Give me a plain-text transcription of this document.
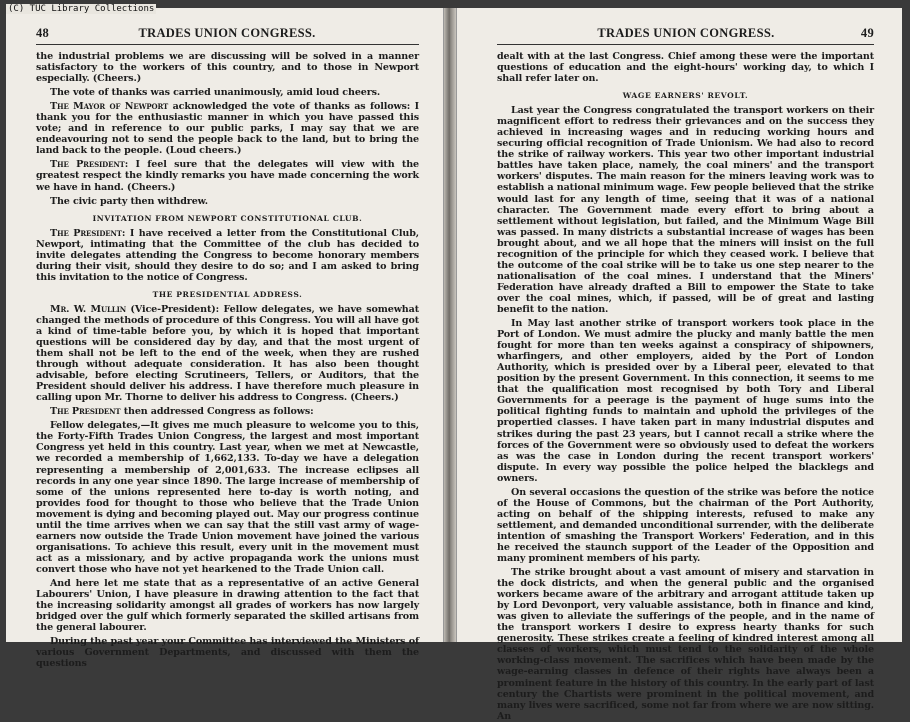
(C) TUC Library Collections
48	TRADES UNION CONGRESS.

the industrial problems we are discussing will be solved in a manner satisfactory to the workers of this country, and to those in Newport especially. (Cheers.)

The vote of thanks was carried unanimously, amid loud cheers.

The Mayor of Newport acknowledged the vote of thanks as follows: I thank you for the enthusiastic manner in which you have passed this vote; and in reference to our public parks, I may say that we are endeavouring not to send the people back to the land, but to bring the land back to the people. (Loud cheers.)

The President: I feel sure that the delegates will view with the greatest respect the kindly remarks you have made concerning the work we have in hand. (Cheers.)

The civic party then withdrew.

INVITATION FROM NEWPORT CONSTITUTIONAL CLUB.

The President: I have received a letter from the Constitutional Club, Newport, intimating that the Committee of the club has decided to invite delegates attending the Congress to become honorary members during their visit, should they desire to do so; and I am asked to bring this invitation to the notice of Congress.

THE PRESIDENTIAL ADDRESS.

Mr. W. Mullin (Vice-President): Fellow delegates, we have somewhat changed the methods of procedure of this Congress. You will all have got a kind of time-table before you, by which it is hoped that important questions will be considered day by day, and that the most urgent of them shall not be left to the end of the week, when they are rushed through without adequate consideration. It has also been thought advisable, before electing Scrutineers, Tellers, or Auditors, that the President should deliver his address. I have therefore much pleasure in calling upon Mr. Thorne to deliver his address to Congress. (Cheers.)

The President then addressed Congress as follows:

Fellow delegates,—It gives me much pleasure to welcome you to this, the Forty-Fifth Trades Union Congress, the largest and most important Congress yet held in this country. Last year, when we met at Newcastle, we recorded a membership of 1,662,133. To-day we have a delegation representing a membership of 2,001,633. The increase eclipses all records in any one year since 1890. The large increase of membership of some of the unions represented here to-day is worth noting, and provides food for thought to those who believe that the Trade Union movement is dying and becoming played out. May our progress continue until the time arrives when we can say that the still vast army of wage-earners now outside the Trade Union movement have joined the various organisations. To achieve this result, every unit in the movement must act as a missionary, and by active propaganda work the unions must convert those who have not yet hearkened to the Trade Union call.

And here let me state that as a representative of an active General Labourers' Union, I have pleasure in drawing attention to the fact that the increasing solidarity amongst all grades of workers has now largely bridged over the gulf which formerly separated the skilled artisans from the general labourer.

During the past year your Committee has interviewed the Ministers of various Government Departments, and discussed with them the questions

TRADES UNION CONGRESS.	49

dealt with at the last Congress. Chief among these were the important questions of education and the eight-hours' working day, to which I shall refer later on.

WAGE EARNERS' REVOLT.

Last year the Congress congratulated the transport workers on their magnificent effort to redress their grievances and on the success they achieved in increasing wages and in reducing working hours and securing official recognition of Trade Unionism. We had also to record the strike of railway workers. This year two other important industrial battles have taken place, namely, the coal miners' and the transport workers' disputes. The main reason for the miners leaving work was to establish a national minimum wage. Few people believed that the strike would last for any length of time, seeing that it was of a national character. The Government made every effort to bring about a settlement without legislation, but failed, and the Minimum Wage Bill was passed. In many districts a substantial increase of wages has been brought about, and we all hope that the miners will insist on the full recognition of the principle for which they ceased work. I believe that the outcome of the coal strike will be to take us one step nearer to the nationalisation of the coal mines. I understand that the Miners' Federation have already drafted a Bill to empower the State to take over the coal mines, which, if passed, will be of great and lasting benefit to the nation.

In May last another strike of transport workers took place in the Port of London. We must admire the plucky and manly battle the men fought for more than ten weeks against a conspiracy of shipowners, wharfingers, and other employers, aided by the Port of London Authority, which is presided over by a Liberal peer, elevated to that position by the present Government. In this connection, it seems to me that the qualification most recognised by both Tory and Liberal Governments for a peerage is the payment of huge sums into the political fighting funds to maintain and uphold the privileges of the propertied classes. I have taken part in many industrial disputes and strikes during the past 23 years, but I cannot recall a strike where the forces of the Government were so obviously used to defeat the workers as was the case in London during the recent transport workers' dispute. In every way possible the police helped the blacklegs and owners.

On several occasions the question of the strike was before the notice of the House of Commons, but the chairman of the Port Authority, acting on behalf of the shipping interests, refused to make any settlement, and demanded unconditional surrender, with the deliberate intention of smashing the Transport Workers' Federation, and in this he received the staunch support of the Leader of the Opposition and many prominent members of his party.

The strike brought about a vast amount of misery and starvation in the dock districts, and when the general public and the organised workers became aware of the arbitrary and arrogant attitude taken up by Lord Devonport, very valuable assistance, both in finance and kind, was given to alleviate the sufferings of the people, and in the name of the transport workers I desire to express hearty thanks for such generosity. These strikes create a feeling of kindred interest among all classes of workers, which must tend to the solidarity of the whole working-class movement. The sacrifices which have been made by the wage-earning classes in defence of their rights have always been a prominent feature in the history of this country. In the early part of last century the Chartists were prominent in the political movement, and many lives were sacrificed, some not far from where we are now sitting. An
